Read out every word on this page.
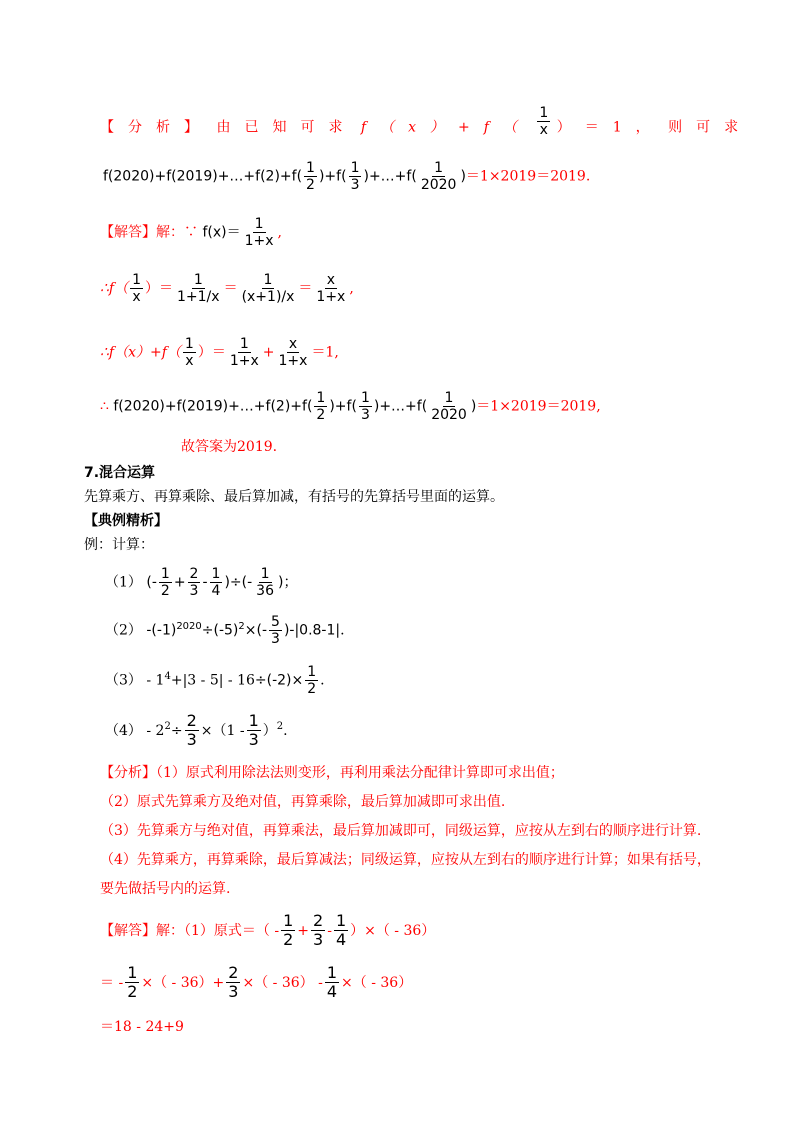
【分析】 由已知可求 $f(x)+f( \frac{1}{x} )=1$， 则可求
f(2020)+f(2019)+…+f(2)+f( $\frac{1}{2} )+f( \frac{1}{3}$ )+…+f( $\frac{1}{2020} )=1\times 2019=2019$.
【解答】解：∵ $f(x)= \frac{1}{1+x}$ ,
∴f（ $\frac{1}{x}$ ）＝ $\frac{1}{1+1/x} = \frac{1}{(x+1)/x} = \frac{x}{1+x}$ ,
∴f（x）+f（ $\frac{1}{x}$ ）＝ $\frac{1}{1+x} + \frac{x}{1+x} =1$,
∴ f(2020)+f(2019)+…+f(2)+f( $\frac{1}{2} )+f( \frac{1}{3}$ )+…+f( $\frac{1}{2020} )=1\times 2019=2019$,
故答案为2019.
7.混合运算
先算乘方、再算乘除、最后算加减，有括号的先算括号里面的运算。
【典例精析】
例：计算：
（1） (- $\frac{1}{2} + \frac{2}{3} - \frac{1}{4}$ )÷(- $\frac{1}{36}$ )；
（2） $-(-1)^{2020}\div(-5)^2\times(- \frac{5}{3} )-|0.8-1|$.
$(3) - 1^4+|3 - 5| - 16\div(-2)\times \frac{1}{2}$ .
$(4) - 2^2\div \frac{2}{3} \times(1 - \frac{1}{3} )^2$.
【分析】（1）原式利用除法法则变形，再利用乘法分配律计算即可求出值；
（2）原式先算乘方及绝对值，再算乘除，最后算加减即可求出值.
（3）先算乘方与绝对值，再算乘法，最后算加减即可，同级运算，应按从左到右的顺序进行计算.
（4）先算乘方，再算乘除，最后算减法；同级运算，应按从左到右的顺序进行计算；如果有括号，
要先做括号内的运算.
【解答】解：（1）原式＝（ - $\frac{1}{2} + \frac{2}{3} - \frac{1}{4}$ ）×（ - 36）
＝ - $\frac{1}{2}$ ×（ - $36)+ \frac{2}{3}$ ×（ - $36) - \frac{1}{4}$ ×（ - 36）
＝18 - 24+9
